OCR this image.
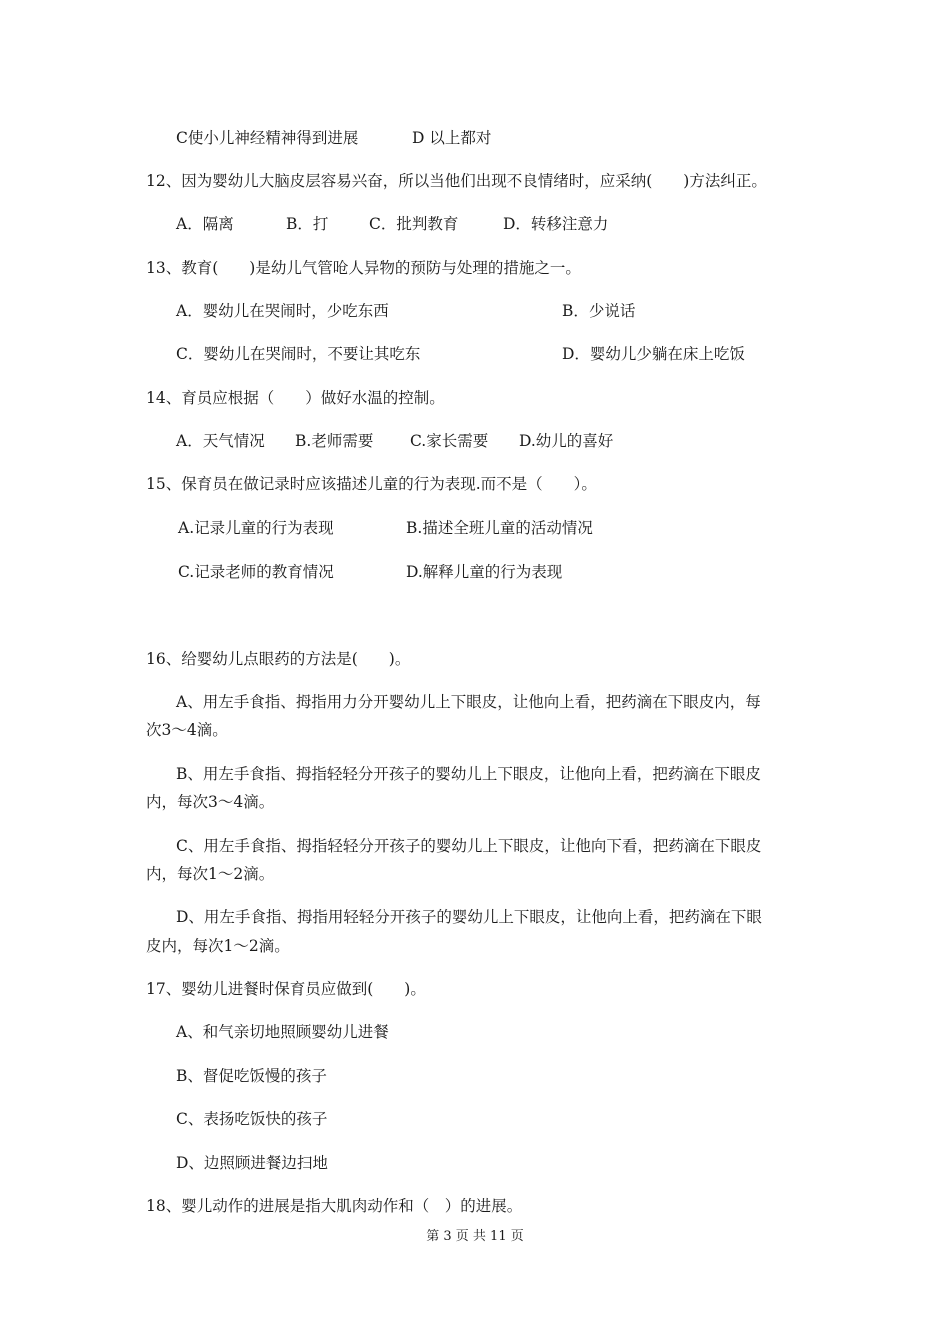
C使小儿神经精神得到进展	D 以上都对
12、因为婴幼儿大脑皮层容易兴奋，所以当他们出现不良情绪时，应采纳(　　)方法纠正。
A．隔离	B．打	C．批判教育	D．转移注意力
13、教育(　　)是幼儿气管呛人异物的预防与处理的措施之一。
A．婴幼儿在哭闹时，少吃东西	B．少说话
C．婴幼儿在哭闹时，不要让其吃东	D．婴幼儿少躺在床上吃饭
14、育员应根据（　　）做好水温的控制。
A．天气情况 B.老师需要 C.家长需要 D.幼儿的喜好
15、保育员在做记录时应该描述儿童的行为表现.而不是（　　）。
A.记录儿童的行为表现	B.描述全班儿童的活动情况
C.记录老师的教育情况	D.解释儿童的行为表现
16、给婴幼儿点眼药的方法是(　　)。
A、用左手食指、拇指用力分开婴幼儿上下眼皮，让他向上看，把药滴在下眼皮内，每
次3～4滴。
B、用左手食指、拇指轻轻分开孩子的婴幼儿上下眼皮，让他向上看，把药滴在下眼皮
内，每次3～4滴。
C、用左手食指、拇指轻轻分开孩子的婴幼儿上下眼皮，让他向下看，把药滴在下眼皮
内，每次1～2滴。
D、用左手食指、拇指用轻轻分开孩子的婴幼儿上下眼皮，让他向上看，把药滴在下眼
皮内，每次1～2滴。
17、婴幼儿进餐时保育员应做到(　　)。
A、和气亲切地照顾婴幼儿进餐
B、督促吃饭慢的孩子
C、表扬吃饭快的孩子
D、边照顾进餐边扫地
18、婴儿动作的进展是指大肌肉动作和（　）的进展。
第 3 页 共 11 页
